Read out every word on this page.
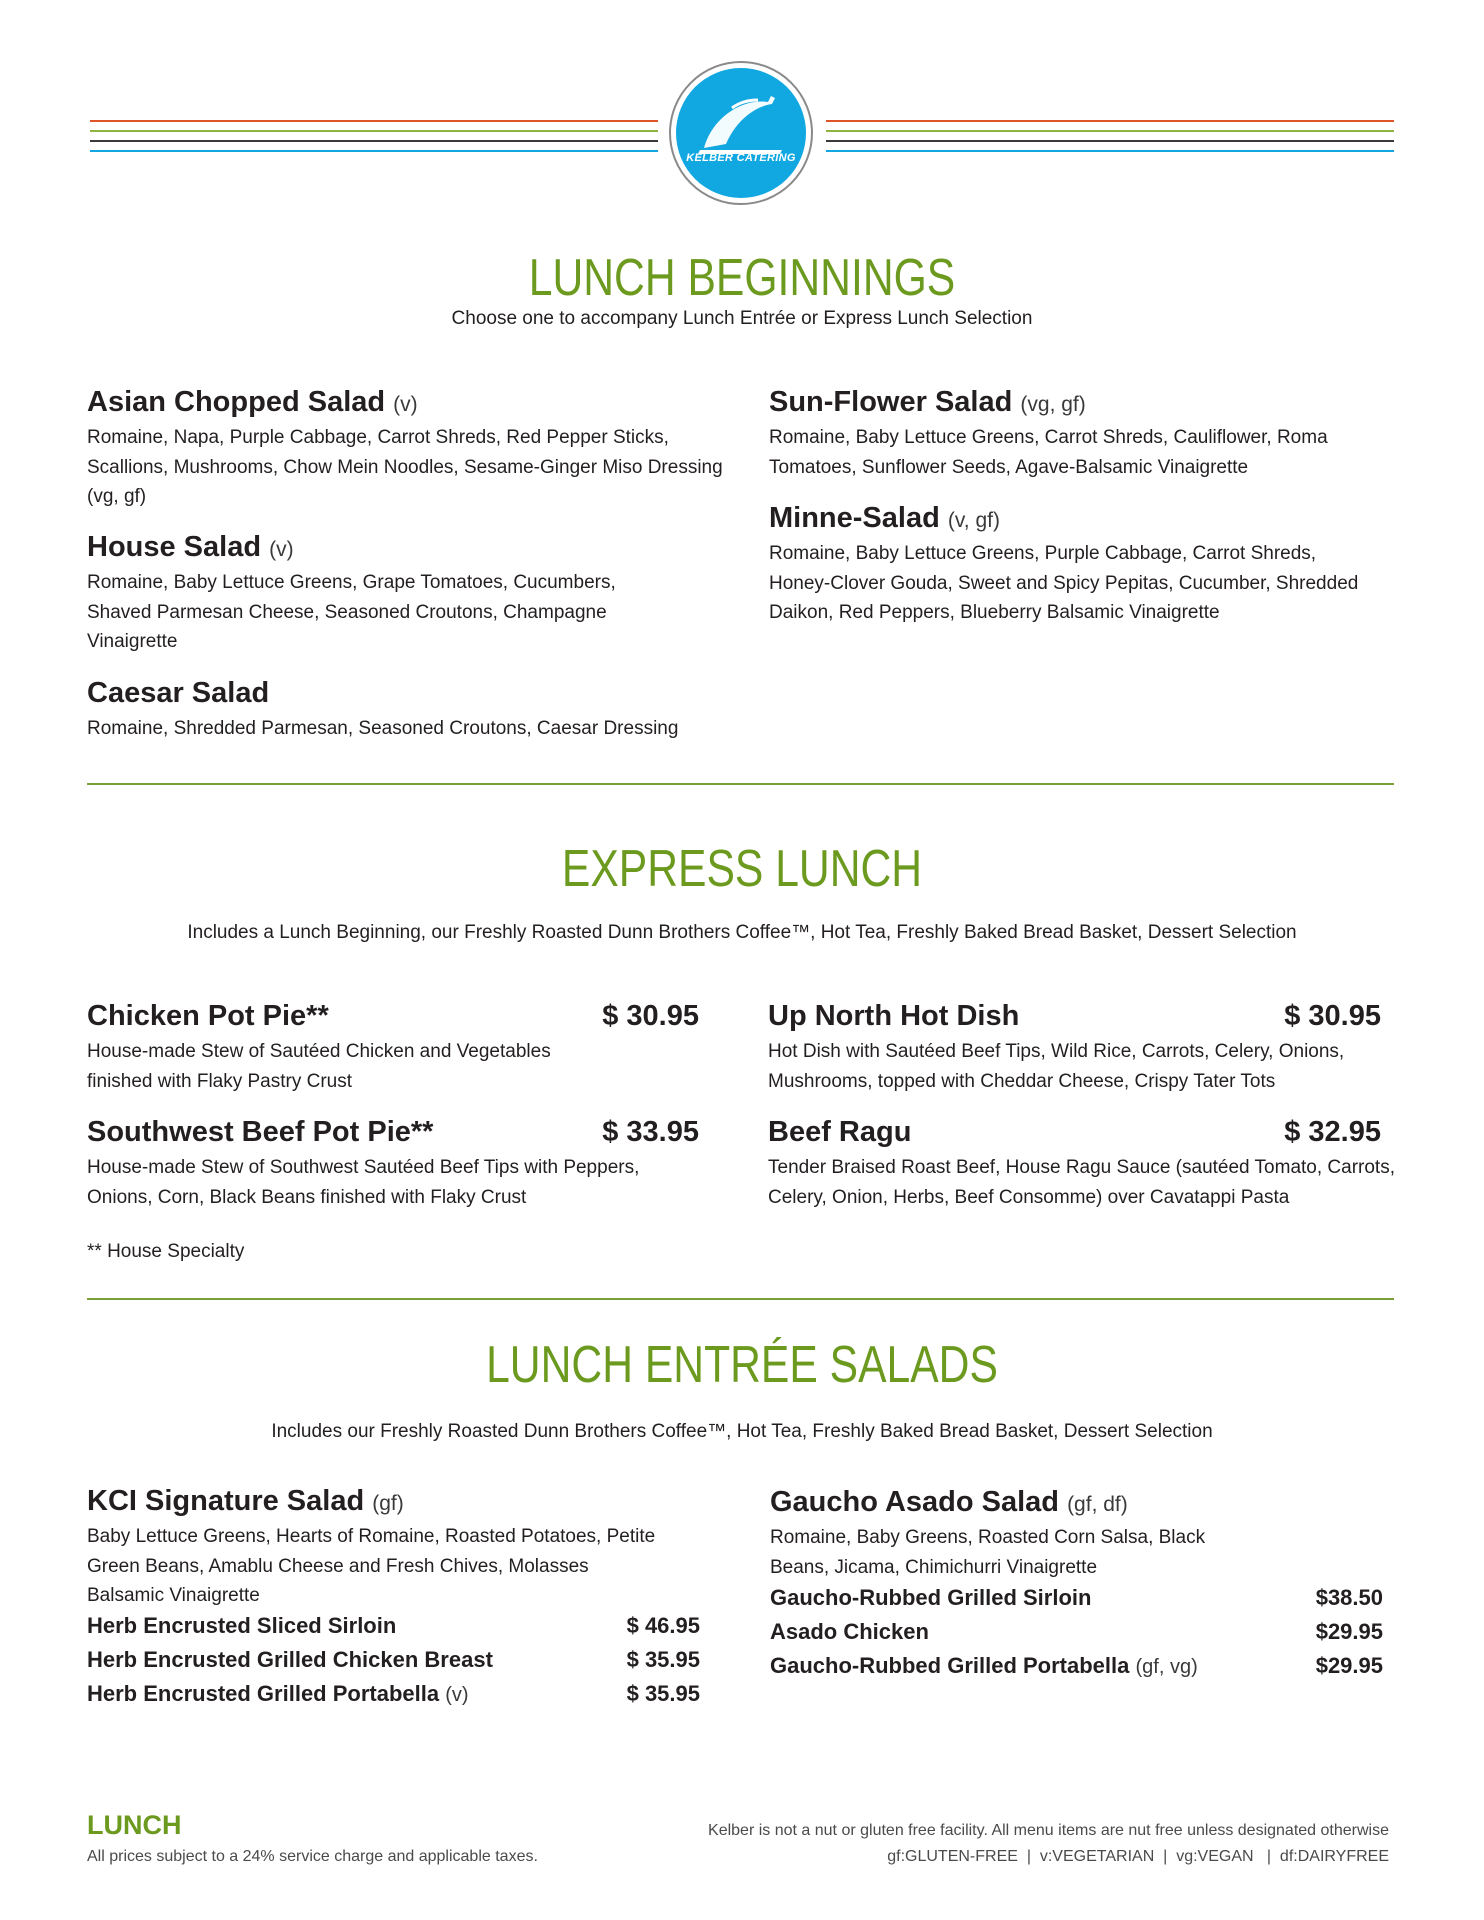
KELBER CATERING
LUNCH BEGINNINGS
Choose one to accompany Lunch Entrée or Express Lunch Selection
Asian Chopped Salad (v)
Romaine, Napa, Purple Cabbage, Carrot Shreds, Red Pepper Sticks, Scallions, Mushrooms, Chow Mein Noodles, Sesame-Ginger Miso Dressing (vg, gf)
House Salad (v)
Romaine, Baby Lettuce Greens, Grape Tomatoes, Cucumbers, Shaved Parmesan Cheese, Seasoned Croutons, Champagne Vinaigrette
Caesar Salad
Romaine, Shredded Parmesan, Seasoned Croutons, Caesar Dressing
Sun-Flower Salad (vg, gf)
Romaine, Baby Lettuce Greens, Carrot Shreds, Cauliflower, Roma Tomatoes, Sunflower Seeds, Agave-Balsamic Vinaigrette
Minne-Salad (v, gf)
Romaine, Baby Lettuce Greens, Purple Cabbage, Carrot Shreds, Honey-Clover Gouda, Sweet and Spicy Pepitas, Cucumber, Shredded Daikon, Red Peppers, Blueberry Balsamic Vinaigrette
EXPRESS LUNCH
Includes a Lunch Beginning, our Freshly Roasted Dunn Brothers Coffee™, Hot Tea, Freshly Baked Bread Basket, Dessert Selection
Chicken Pot Pie**	$ 30.95
House-made Stew of Sautéed Chicken and Vegetables finished with Flaky Pastry Crust
Southwest Beef Pot Pie**	$ 33.95
House-made Stew of Southwest Sautéed Beef Tips with Peppers, Onions, Corn, Black Beans finished with Flaky Crust
Up North Hot Dish	$ 30.95
Hot Dish with Sautéed Beef Tips, Wild Rice, Carrots, Celery, Onions, Mushrooms, topped with Cheddar Cheese, Crispy Tater Tots
Beef Ragu	$ 32.95
Tender Braised Roast Beef, House Ragu Sauce (sautéed Tomato, Carrots, Celery, Onion, Herbs, Beef Consomme) over Cavatappi Pasta
** House Specialty
LUNCH ENTRÉE SALADS
Includes our Freshly Roasted Dunn Brothers Coffee™, Hot Tea, Freshly Baked Bread Basket, Dessert Selection
KCI Signature Salad (gf)
Baby Lettuce Greens, Hearts of Romaine, Roasted Potatoes, Petite Green Beans, Amablu Cheese and Fresh Chives, Molasses Balsamic Vinaigrette
Herb Encrusted Sliced Sirloin	$ 46.95
Herb Encrusted Grilled Chicken Breast	$ 35.95
Herb Encrusted Grilled Portabella (v)	$ 35.95
Gaucho Asado Salad (gf, df)
Romaine, Baby Greens, Roasted Corn Salsa, Black Beans, Jicama, Chimichurri Vinaigrette
Gaucho-Rubbed Grilled Sirloin	$38.50
Asado Chicken	$29.95
Gaucho-Rubbed Grilled Portabella (gf, vg)	$29.95
LUNCH
All prices subject to a 24% service charge and applicable taxes.
Kelber is not a nut or gluten free facility. All menu items are nut free unless designated otherwise
gf:GLUTEN-FREE  |  v:VEGETARIAN  |  vg:VEGAN   |  df:DAIRYFREE
